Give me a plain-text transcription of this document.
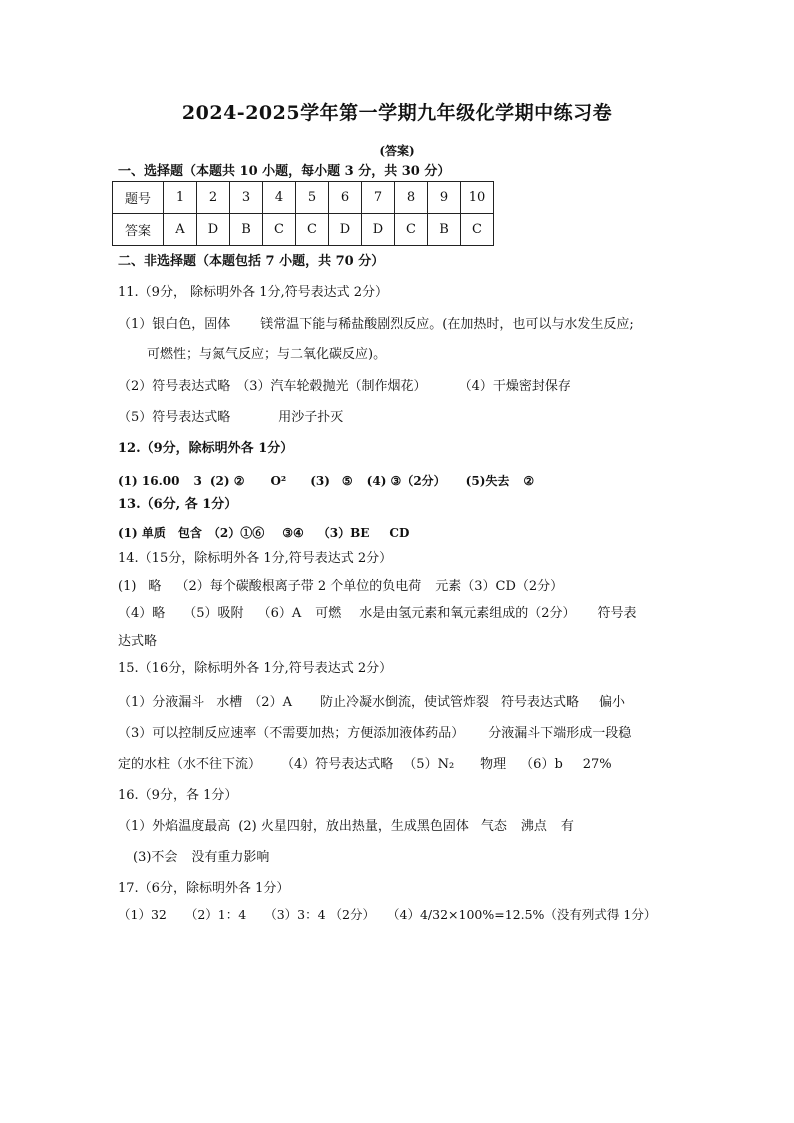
2024-2025学年第一学期九年级化学期中练习卷
(答案)
一、选择题（本题共 10 小题，每小题 3 分，共 30 分）
题号	1	2	3	4	5	6	7	8	9	10
答案	A	D	B	C	C	D	D	C	B	C
二、非选择题（本题包括 7 小题，共 70 分）
11.（9分， 除标明外各 1分,符号表达式 2分）
（1）银白色，固体 镁常温下能与稀盐酸剧烈反应。(在加热时，也可以与水发生反应;
可燃性；与氮气反应；与二氧化碳反应)。
（2）符号表达式略 （3）汽车轮毂抛光（制作烟花） （4）干燥密封保存
（5）符号表达式略	用沙子扑灭
12.（9分，除标明外各 1分）
(1) 16.00 3 (2) ② O² (3) ⑤ (4) ③（2分） (5)失去 ②
13.（6分, 各 1分）
(1) 单质 包含 （2）①⑥ ③④ （3）BE CD
14.（15分，除标明外各 1分,符号表达式 2分）
(1) 略 （2）每个碳酸根离子带 2 个单位的负电荷 元素（3）CD（2分）
（4）略 （5）吸附 （6）A 可燃 水是由氢元素和氧元素组成的（2分） 符号表
达式略
15.（16分，除标明外各 1分,符号表达式 2分）
（1）分液漏斗 水槽 （2）A 防止冷凝水倒流，使试管炸裂 符号表达式略 偏小
（3）可以控制反应速率（不需要加热；方便添加液体药品） 分液漏斗下端形成一段稳
定的水柱（水不往下流） （4）符号表达式略 （5）N₂ 物理 （6）b 27%
16.（9分，各 1分）
（1）外焰温度最高 (2) 火星四射，放出热量，生成黑色固体 气态 沸点 有
(3)不会 没有重力影响
17.（6分，除标明外各 1分）
（1）32 （2）1：4 （3）3：4 （2分） （4）4/32×100%=12.5%（没有列式得 1分）
